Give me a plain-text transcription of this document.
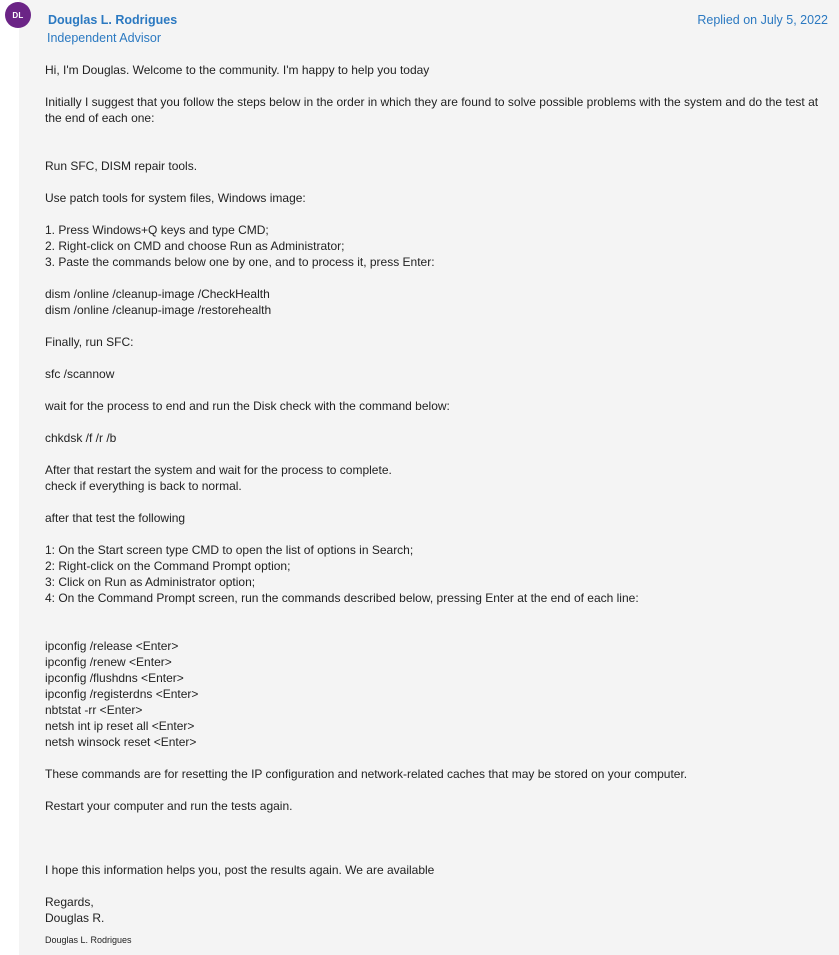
DL	Douglas L. Rodrigues
Independent Advisor
Replied on July 5, 2022

Hi, I'm Douglas. Welcome to the community. I'm happy to help you today

Initially I suggest that you follow the steps below in the order in which they are found to solve possible problems with the system and do the test at the end of each one:

Run SFC, DISM repair tools.

Use patch tools for system files, Windows image:

1. Press Windows+Q keys and type CMD;

2. Right-click on CMD and choose Run as Administrator;

3. Paste the commands below one by one, and to process it, press Enter:

dism /online /cleanup-image /CheckHealth

dism /online /cleanup-image /restorehealth

Finally, run SFC:

sfc /scannow

wait for the process to end and run the Disk check with the command below:

chkdsk /f /r /b

After that restart the system and wait for the process to complete.

check if everything is back to normal.

after that test the following

1: On the Start screen type CMD to open the list of options in Search;

2: Right-click on the Command Prompt option;

3: Click on Run as Administrator option;

4: On the Command Prompt screen, run the commands described below, pressing Enter at the end of each line:

ipconfig /release <Enter>

ipconfig /renew <Enter>

ipconfig /flushdns <Enter>

ipconfig /registerdns <Enter>

nbtstat -rr <Enter>

netsh int ip reset all <Enter>

netsh winsock reset <Enter>

These commands are for resetting the IP configuration and network-related caches that may be stored on your computer.

Restart your computer and run the tests again.

I hope this information helps you, post the results again. We are available

Regards,

Douglas R.

Douglas L. Rodrigues
